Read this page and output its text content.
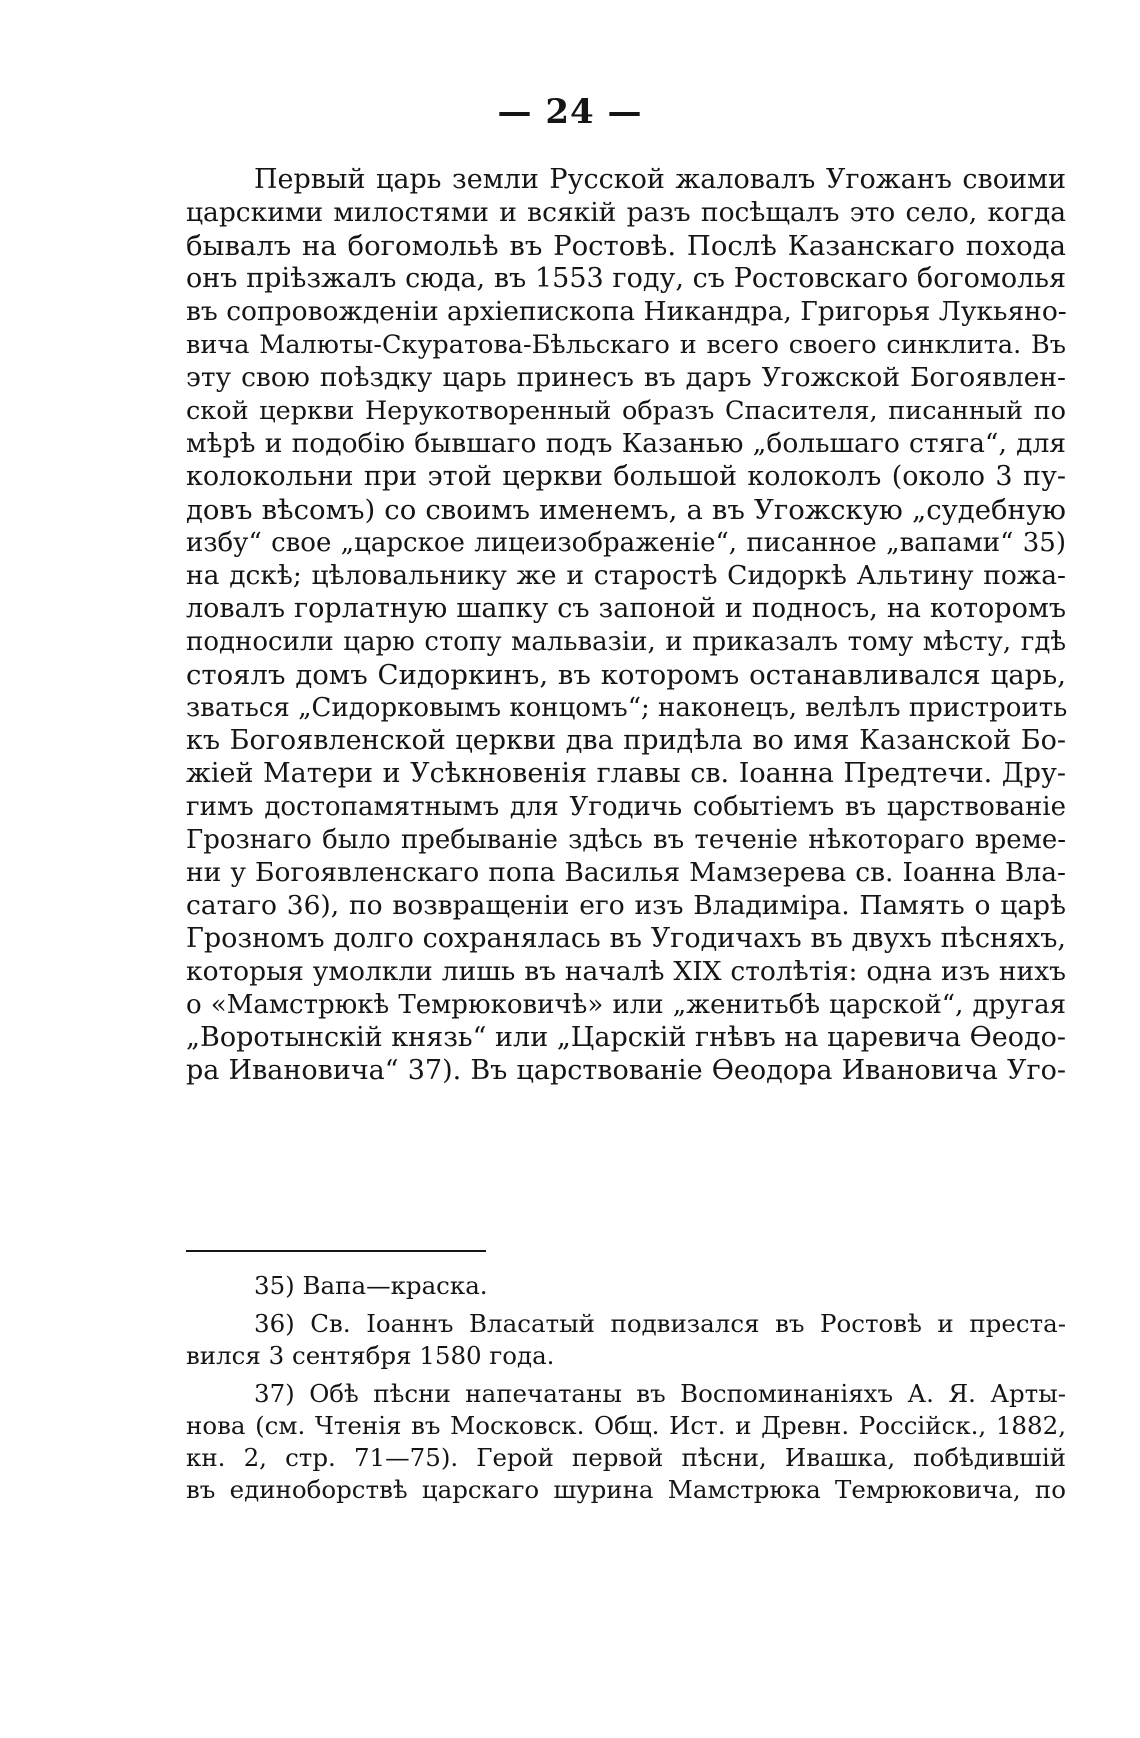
— 24 —
Первый царь земли Русской жаловалъ Угожанъ своими
царскими милостями и всякій разъ посѣщалъ это село, когда
бывалъ на богомольѣ въ Ростовѣ. Послѣ Казанскаго похода
онъ пріѣзжалъ сюда, въ 1553 году, съ Ростовскаго богомолья
въ сопровожденіи архіепископа Никандра, Григорья Лукьяно-
вича Малюты-Скуратова-Бѣльскаго и всего своего синклита. Въ
эту свою поѣздку царь принесъ въ даръ Угожской Богоявлен-
ской церкви Нерукотворенный образъ Спасителя, писанный по
мѣрѣ и подобію бывшаго подъ Казанью „большаго стяга“, для
колокольни при этой церкви большой колоколъ (около 3 пу-
довъ вѣсомъ) со своимъ именемъ, а въ Угожскую „судебную
избу“ свое „царское лицеизображеніе“, писанное „вапами“ 35)
на дскѣ; цѣловальнику же и старостѣ Сидоркѣ Альтину пожа-
ловалъ горлатную шапку съ запоной и подносъ, на которомъ
подносили царю стопу мальвазіи, и приказалъ тому мѣсту, гдѣ
стоялъ домъ Сидоркинъ, въ которомъ останавливался царь,
зваться „Сидорковымъ концомъ“; наконецъ, велѣлъ пристроить
къ Богоявленской церкви два придѣла во имя Казанской Бо-
жіей Матери и Усѣкновенія главы св. Іоанна Предтечи. Дру-
гимъ достопамятнымъ для Угодичь событіемъ въ царствованіе
Грознаго было пребываніе здѣсь въ теченіе нѣкотораго време-
ни у Богоявленскаго попа Василья Мамзерева св. Іоанна Вла-
сатаго 36), по возвращеніи его изъ Владиміра. Память о царѣ
Грозномъ долго сохранялась въ Угодичахъ въ двухъ пѣсняхъ,
которыя умолкли лишь въ началѣ XIX столѣтія: одна изъ нихъ
о «Мамстрюкѣ Темрюковичѣ» или „женитьбѣ царской“, другая
„Воротынскій князь“ или „Царскій гнѣвъ на царевича Ѳеодо-
ра Ивановича“ 37). Въ царствованіе Ѳеодора Ивановича Уго-
35) Вапа—краска.
36) Св. Іоаннъ Власатый подвизался въ Ростовѣ и преста-
вился 3 сентября 1580 года.
37) Обѣ пѣсни напечатаны въ Воспоминаніяхъ А. Я. Арты-
нова (см. Чтенія въ Московск. Общ. Ист. и Древн. Россійск., 1882,
кн. 2, стр. 71—75). Герой первой пѣсни, Ивашка, побѣдившій
въ единоборствѣ царскаго шурина Мамстрюка Темрюковича, по
